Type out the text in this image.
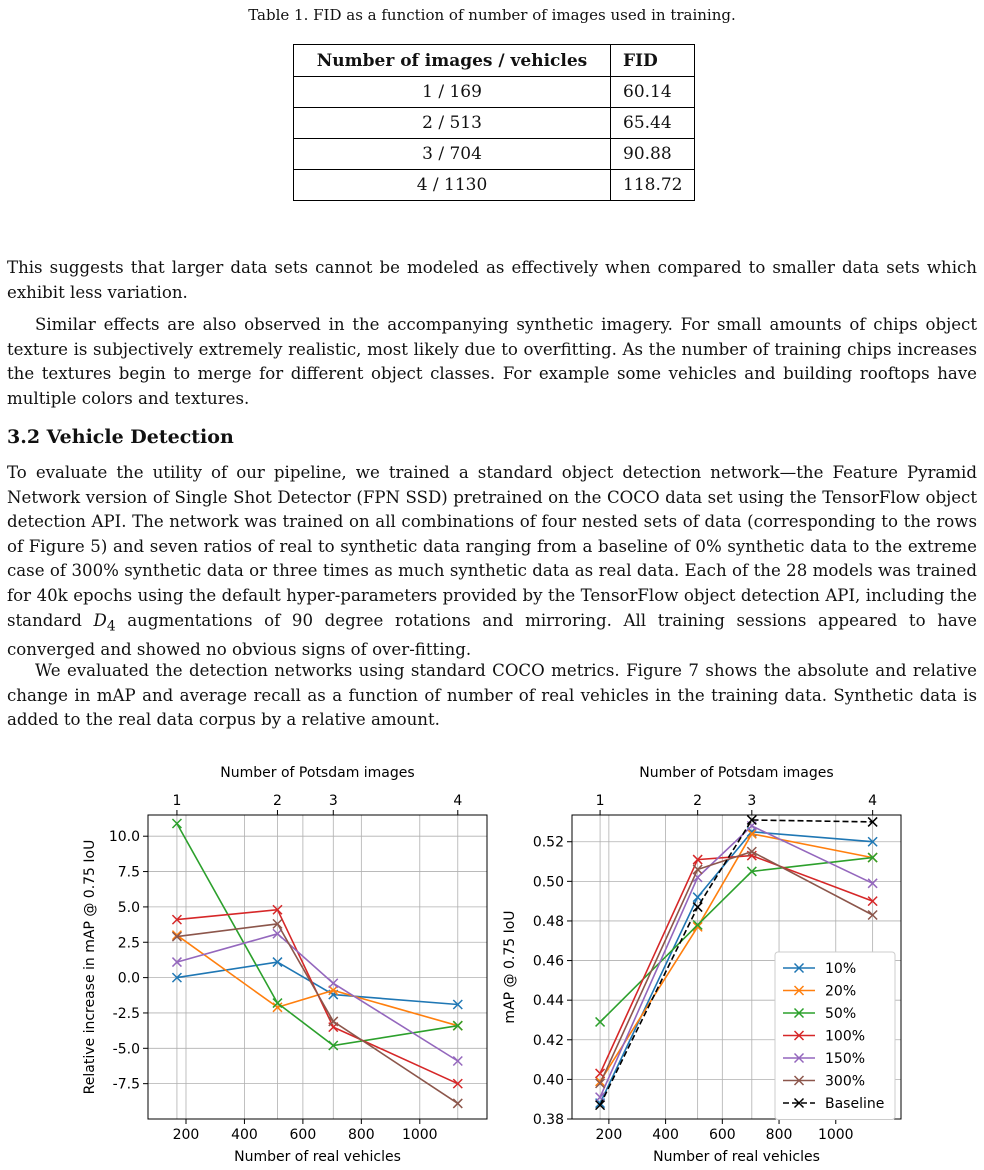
Table 1. FID as a function of number of images used in training.
Number of images / vehicles	FID
1 / 169	60.14
2 / 513	65.44
3 / 704	90.88
4 / 1130	118.72

This suggests that larger data sets cannot be modeled as effectively when compared to smaller data sets which exhibit less variation.

Similar effects are also observed in the accompanying synthetic imagery. For small amounts of chips object texture is subjectively extremely realistic, most likely due to overfitting. As the number of training chips increases the textures begin to merge for different object classes. For example some vehicles and building rooftops have multiple colors and textures.

3.2 Vehicle Detection

To evaluate the utility of our pipeline, we trained a standard object detection network—the Feature Pyramid Network version of Single Shot Detector (FPN SSD) pretrained on the COCO data set using the TensorFlow object detection API. The network was trained on all combinations of four nested sets of data (corresponding to the rows of Figure 5) and seven ratios of real to synthetic data ranging from a baseline of 0% synthetic data to the extreme case of 300% synthetic data or three times as much synthetic data as real data. Each of the 28 models was trained for 40k epochs using the default hyper-parameters provided by the TensorFlow object detection API, including the standard $D_4$ augmentations of 90 degree rotations and mirroring. All training sessions appeared to have converged and showed no obvious signs of over-fitting.

We evaluated the detection networks using standard COCO metrics. Figure 7 shows the absolute and relative change in mAP and average recall as a function of number of real vehicles in the training data. Synthetic data is added to the real data corpus by a relative amount.

200 400 600 800 1000
1	2	3	4
-7.5
-5.0
-2.5
0.0
2.5
5.0
7.5
10.0
Number of real vehicles
Number of Potsdam images
Relative increase in mAP @ 0.75 IoU
200 400 600 800 1000
1	2	3	4
0.38
0.40
0.42
0.44
0.46
0.48
0.50
0.52
Number of real vehicles
Number of Potsdam images
mAP @ 0.75 IoU	10%
20%
50%
100%
150%
300%
Baseline
